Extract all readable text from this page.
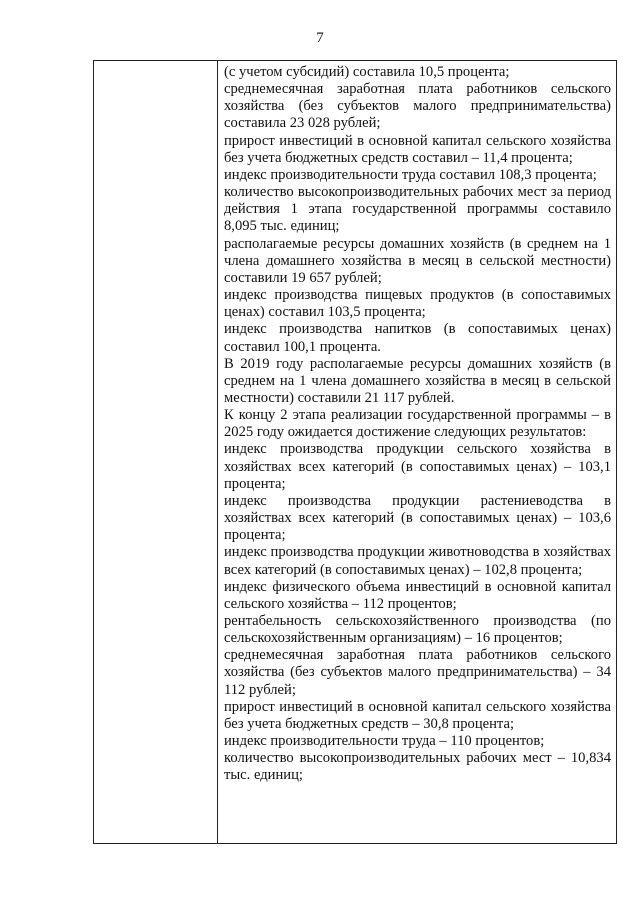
7

(с учетом субсидий) составила 10,5 процента;

среднемесячная заработная плата работников сельского хозяйства (без субъектов малого предпринимательства) составила 23 028 рублей;

прирост инвестиций в основной капитал сельского хозяйства без учета бюджетных средств составил – 11,4 процента;

индекс производительности труда составил 108,3 процента;

количество высокопроизводительных рабочих мест за период действия 1 этапа государственной программы составило 8,095 тыс. единиц;

располагаемые ресурсы домашних хозяйств (в среднем на 1 члена домашнего хозяйства в месяц в сельской местности) составили 19 657 рублей;

индекс производства пищевых продуктов (в сопоставимых ценах) составил 103,5 процента;

индекс производства напитков (в сопоставимых ценах) составил 100,1 процента.

В 2019 году располагаемые ресурсы домашних хозяйств (в среднем на 1 члена домашнего хозяйства в месяц в сельской местности) составили 21 117 рублей.

К концу 2 этапа реализации государственной программы – в 2025 году ожидается достижение следующих результатов:

индекс производства продукции сельского хозяйства в хозяйствах всех категорий (в сопоставимых ценах) – 103,1 процента;

индекс производства продукции растениеводства в хозяйствах всех категорий (в сопоставимых ценах) – 103,6 процента;

индекс производства продукции животноводства в хозяйствах всех категорий (в сопоставимых ценах) – 102,8 процента;

индекс физического объема инвестиций в основной капитал сельского хозяйства – 112 процентов;

рентабельность сельскохозяйственного производства (по сельскохозяйственным организациям) – 16 процентов;

среднемесячная заработная плата работников сельского хозяйства (без субъектов малого предпринимательства) – 34 112 рублей;

прирост инвестиций в основной капитал сельского хозяйства без учета бюджетных средств – 30,8 процента;

индекс производительности труда – 110 процентов;

количество высокопроизводительных рабочих мест – 10,834 тыс. единиц;
